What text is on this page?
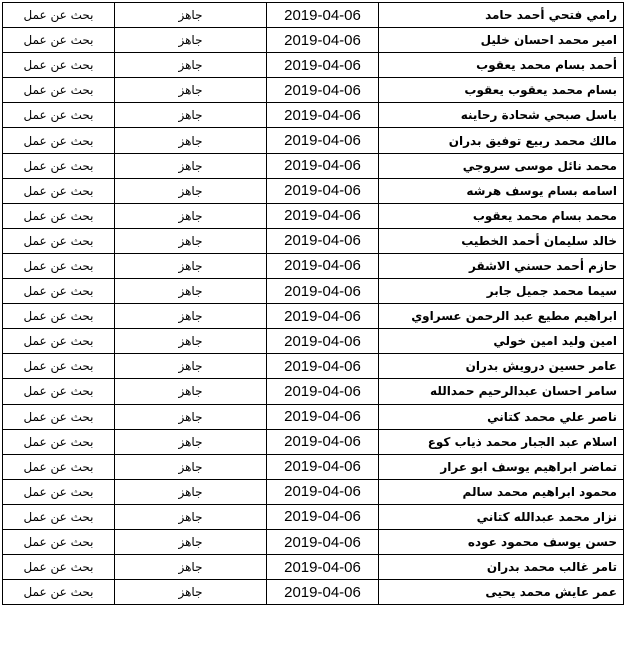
رامي فتحي أحمد حامد	2019-04-06	جاهز	بحث عن عمل
امير محمد احسان خليل	2019-04-06	جاهز	بحث عن عمل
أحمد بسام محمد يعقوب	2019-04-06	جاهز	بحث عن عمل
بسام محمد يعقوب يعقوب	2019-04-06	جاهز	بحث عن عمل
باسل صبحي شحادة رحاينه	2019-04-06	جاهز	بحث عن عمل
مالك محمد ربيع توفيق بدران	2019-04-06	جاهز	بحث عن عمل
محمد نائل موسى سروجي	2019-04-06	جاهز	بحث عن عمل
اسامه بسام يوسف هرشه	2019-04-06	جاهز	بحث عن عمل
محمد بسام محمد يعقوب	2019-04-06	جاهز	بحث عن عمل
خالد سليمان أحمد الخطيب	2019-04-06	جاهز	بحث عن عمل
حازم أحمد حسني الاشقر	2019-04-06	جاهز	بحث عن عمل
سيما محمد جميل جابر	2019-04-06	جاهز	بحث عن عمل
ابراهيم مطيع عبد الرحمن عسراوي	2019-04-06	جاهز	بحث عن عمل
امين وليد امين خولي	2019-04-06	جاهز	بحث عن عمل
عامر حسين درويش بدران	2019-04-06	جاهز	بحث عن عمل
سامر احسان عبدالرحيم حمدالله	2019-04-06	جاهز	بحث عن عمل
ناصر علي محمد كتاني	2019-04-06	جاهز	بحث عن عمل
اسلام عبد الجبار محمد ذياب كوع	2019-04-06	جاهز	بحث عن عمل
تماضر ابراهيم يوسف ابو عرار	2019-04-06	جاهز	بحث عن عمل
محمود ابراهيم محمد سالم	2019-04-06	جاهز	بحث عن عمل
نزار محمد عبدالله كتاني	2019-04-06	جاهز	بحث عن عمل
حسن يوسف محمود عوده	2019-04-06	جاهز	بحث عن عمل
تامر غالب محمد بدران	2019-04-06	جاهز	بحث عن عمل
عمر عايش محمد يحيى	2019-04-06	جاهز	بحث عن عمل
